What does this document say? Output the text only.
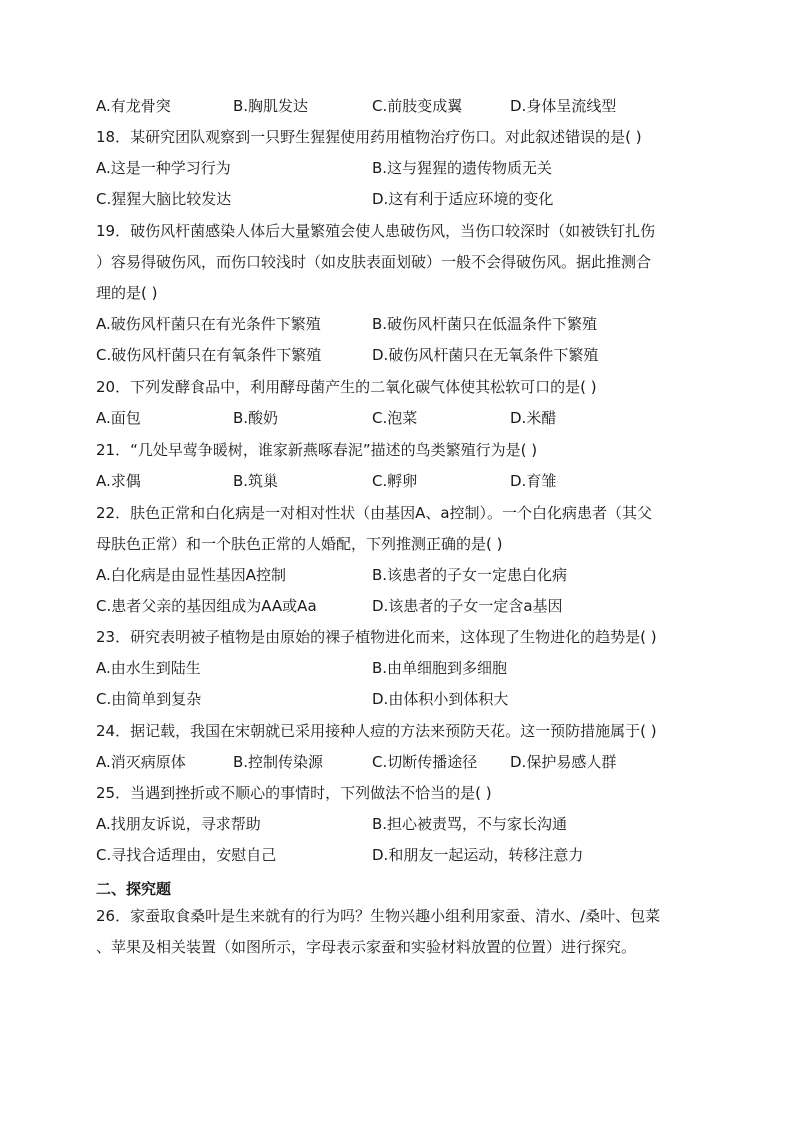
A.有龙骨突	B.胸肌发达	C.前肢变成翼	D.身体呈流线型
18．某研究团队观察到一只野生猩猩使用药用植物治疗伤口。对此叙述错误的是( )
A.这是一种学习行为	B.这与猩猩的遗传物质无关
C.猩猩大脑比较发达	D.这有利于适应环境的变化
19．破伤风杆菌感染人体后大量繁殖会使人患破伤风，当伤口较深时（如被铁钉扎伤
）容易得破伤风，而伤口较浅时（如皮肤表面划破）一般不会得破伤风。据此推测合
理的是( )
A.破伤风杆菌只在有光条件下繁殖	B.破伤风杆菌只在低温条件下繁殖
C.破伤风杆菌只在有氧条件下繁殖	D.破伤风杆菌只在无氧条件下繁殖
20．下列发酵食品中，利用酵母菌产生的二氧化碳气体使其松软可口的是( )
A.面包	B.酸奶	C.泡菜	D.米醋
21．“几处早莺争暖树，谁家新燕啄春泥”描述的鸟类繁殖行为是( )
A.求偶	B.筑巢	C.孵卵	D.育雏
22．肤色正常和白化病是一对相对性状（由基因A、a控制）。一个白化病患者（其父
母肤色正常）和一个肤色正常的人婚配，下列推测正确的是( )
A.白化病是由显性基因A控制	B.该患者的子女一定患白化病
C.患者父亲的基因组成为AA或Aa	D.该患者的子女一定含a基因
23．研究表明被子植物是由原始的裸子植物进化而来，这体现了生物进化的趋势是( )
A.由水生到陆生	B.由单细胞到多细胞
C.由简单到复杂	D.由体积小到体积大
24．据记载，我国在宋朝就已采用接种人痘的方法来预防天花。这一预防措施属于( )
A.消灭病原体	B.控制传染源	C.切断传播途径 D.保护易感人群
25．当遇到挫折或不顺心的事情时，下列做法不恰当的是( )
A.找朋友诉说，寻求帮助	B.担心被责骂，不与家长沟通
C.寻找合适理由，安慰自己	D.和朋友一起运动，转移注意力
二、探究题
26．家蚕取食桑叶是生来就有的行为吗？生物兴趣小组利用家蚕、清水、/桑叶、包菜
、苹果及相关装置（如图所示，字母表示家蚕和实验材料放置的位置）进行探究。
